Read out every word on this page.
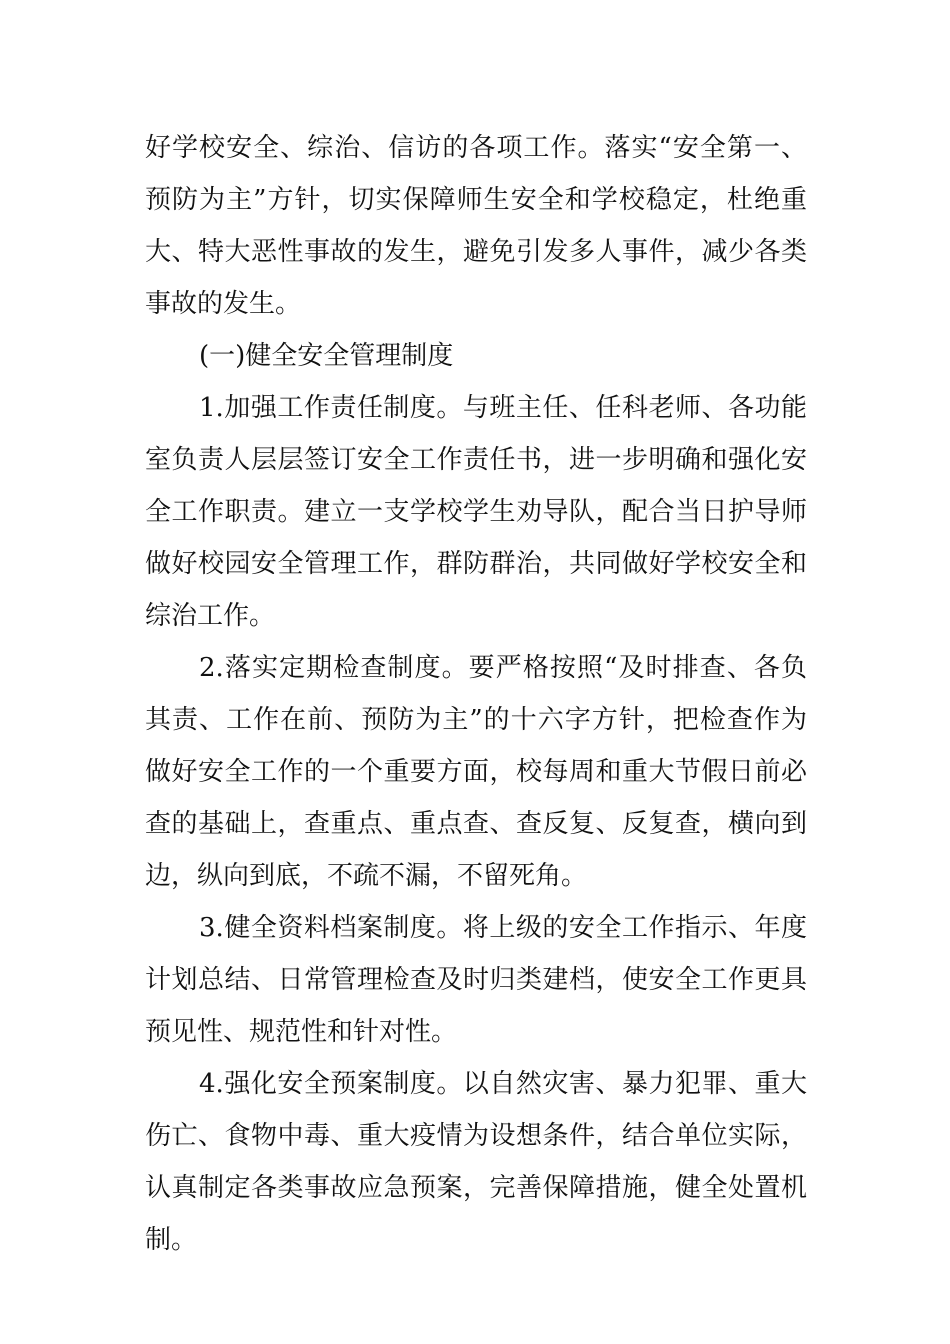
好学校安全、综治、信访的各项工作。落实“安全第一、
预防为主”方针，切实保障师生安全和学校稳定，杜绝重
大、特大恶性事故的发生，避免引发多人事件，减少各类
事故的发生。
(一)健全安全管理制度
1.加强工作责任制度。与班主任、任科老师、各功能
室负责人层层签订安全工作责任书，进一步明确和强化安
全工作职责。建立一支学校学生劝导队，配合当日护导师
做好校园安全管理工作，群防群治，共同做好学校安全和
综治工作。
2.落实定期检查制度。要严格按照“及时排查、各负
其责、工作在前、预防为主”的十六字方针，把检查作为
做好安全工作的一个重要方面，校每周和重大节假日前必
查的基础上，查重点、重点查、查反复、反复查，横向到
边，纵向到底，不疏不漏，不留死角。
3.健全资料档案制度。将上级的安全工作指示、年度
计划总结、日常管理检查及时归类建档，使安全工作更具
预见性、规范性和针对性。
4.强化安全预案制度。以自然灾害、暴力犯罪、重大
伤亡、食物中毒、重大疫情为设想条件，结合单位实际，
认真制定各类事故应急预案，完善保障措施，健全处置机
制。
